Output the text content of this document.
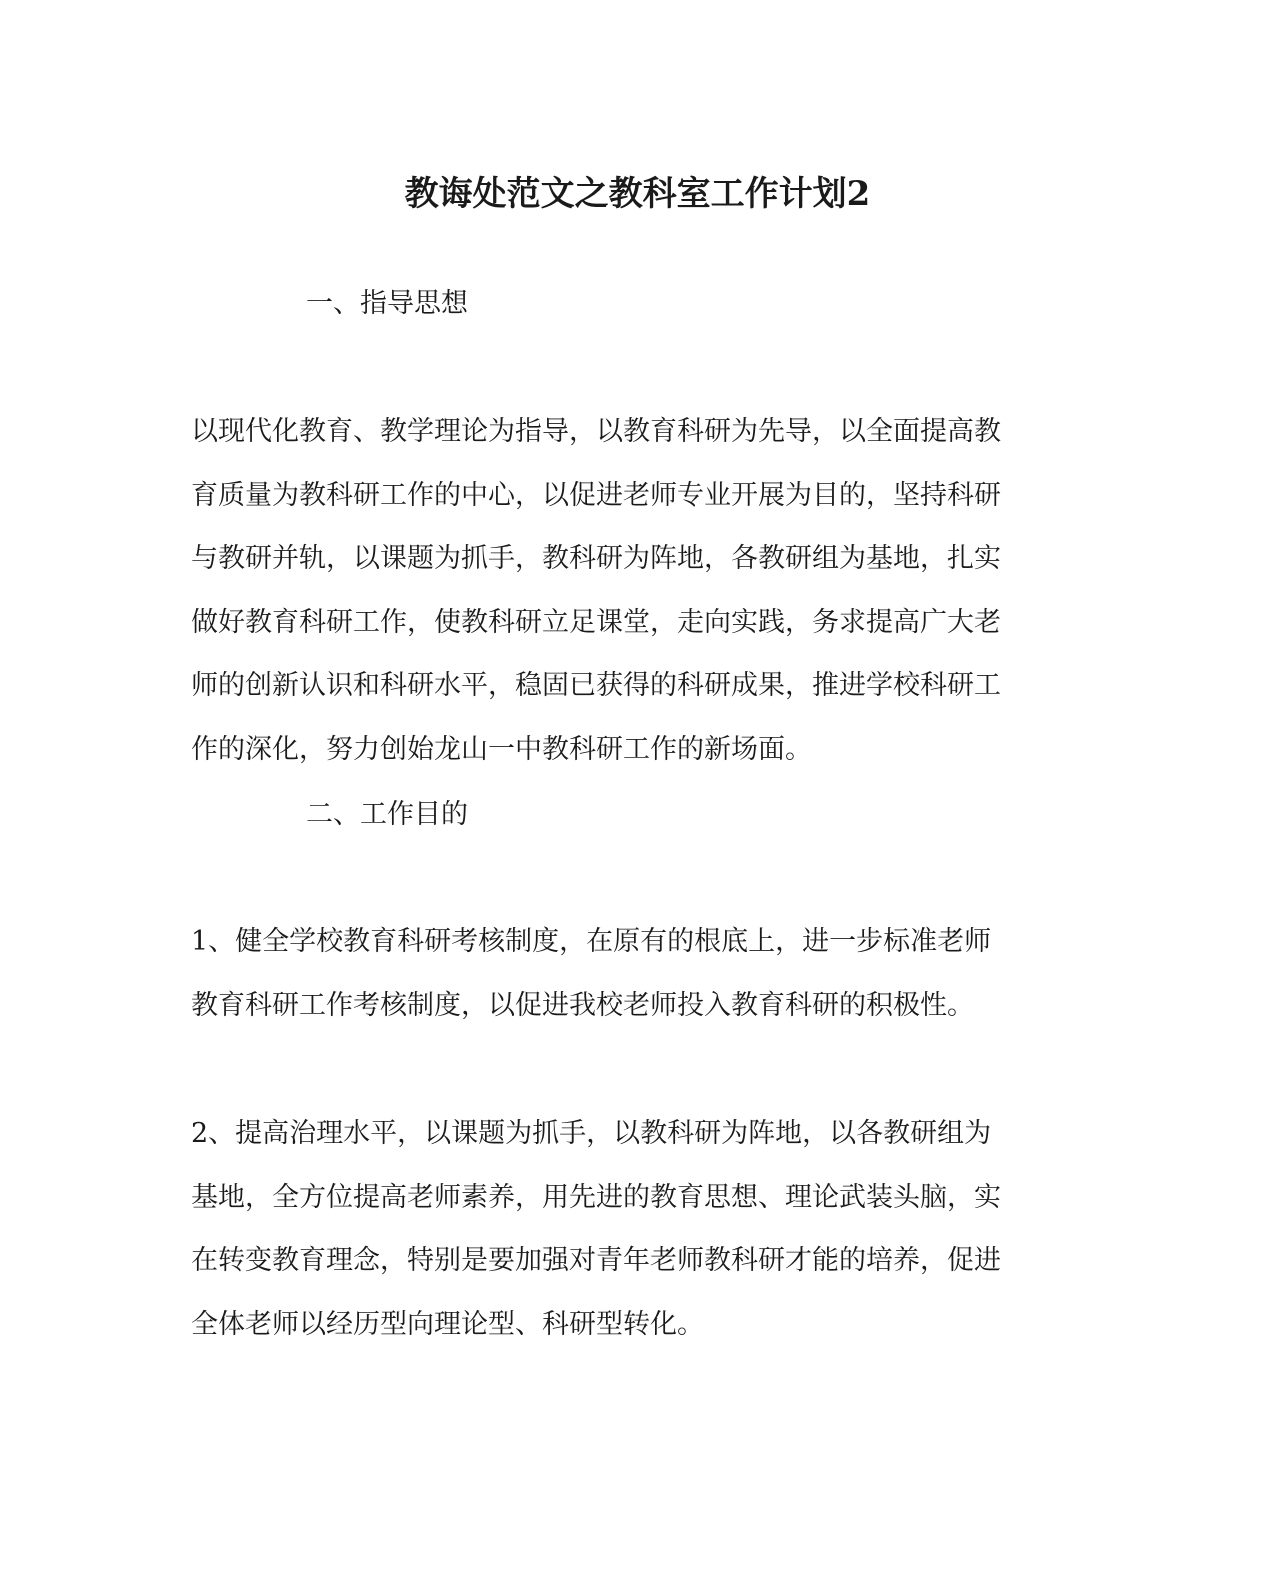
教诲处范文之教科室工作计划2
一、指导思想
以现代化教育、教学理论为指导，以教育科研为先导，以全面提高教
育质量为教科研工作的中心，以促进老师专业开展为目的，坚持科研
与教研并轨，以课题为抓手，教科研为阵地，各教研组为基地，扎实
做好教育科研工作，使教科研立足课堂，走向实践，务求提高广大老
师的创新认识和科研水平，稳固已获得的科研成果，推进学校科研工
作的深化，努力创始龙山一中教科研工作的新场面。
二、工作目的
1、健全学校教育科研考核制度，在原有的根底上，进一步标准老师
教育科研工作考核制度，以促进我校老师投入教育科研的积极性。
2、提高治理水平，以课题为抓手，以教科研为阵地，以各教研组为
基地，全方位提高老师素养，用先进的教育思想、理论武装头脑，实
在转变教育理念，特别是要加强对青年老师教科研才能的培养，促进
全体老师以经历型向理论型、科研型转化。
